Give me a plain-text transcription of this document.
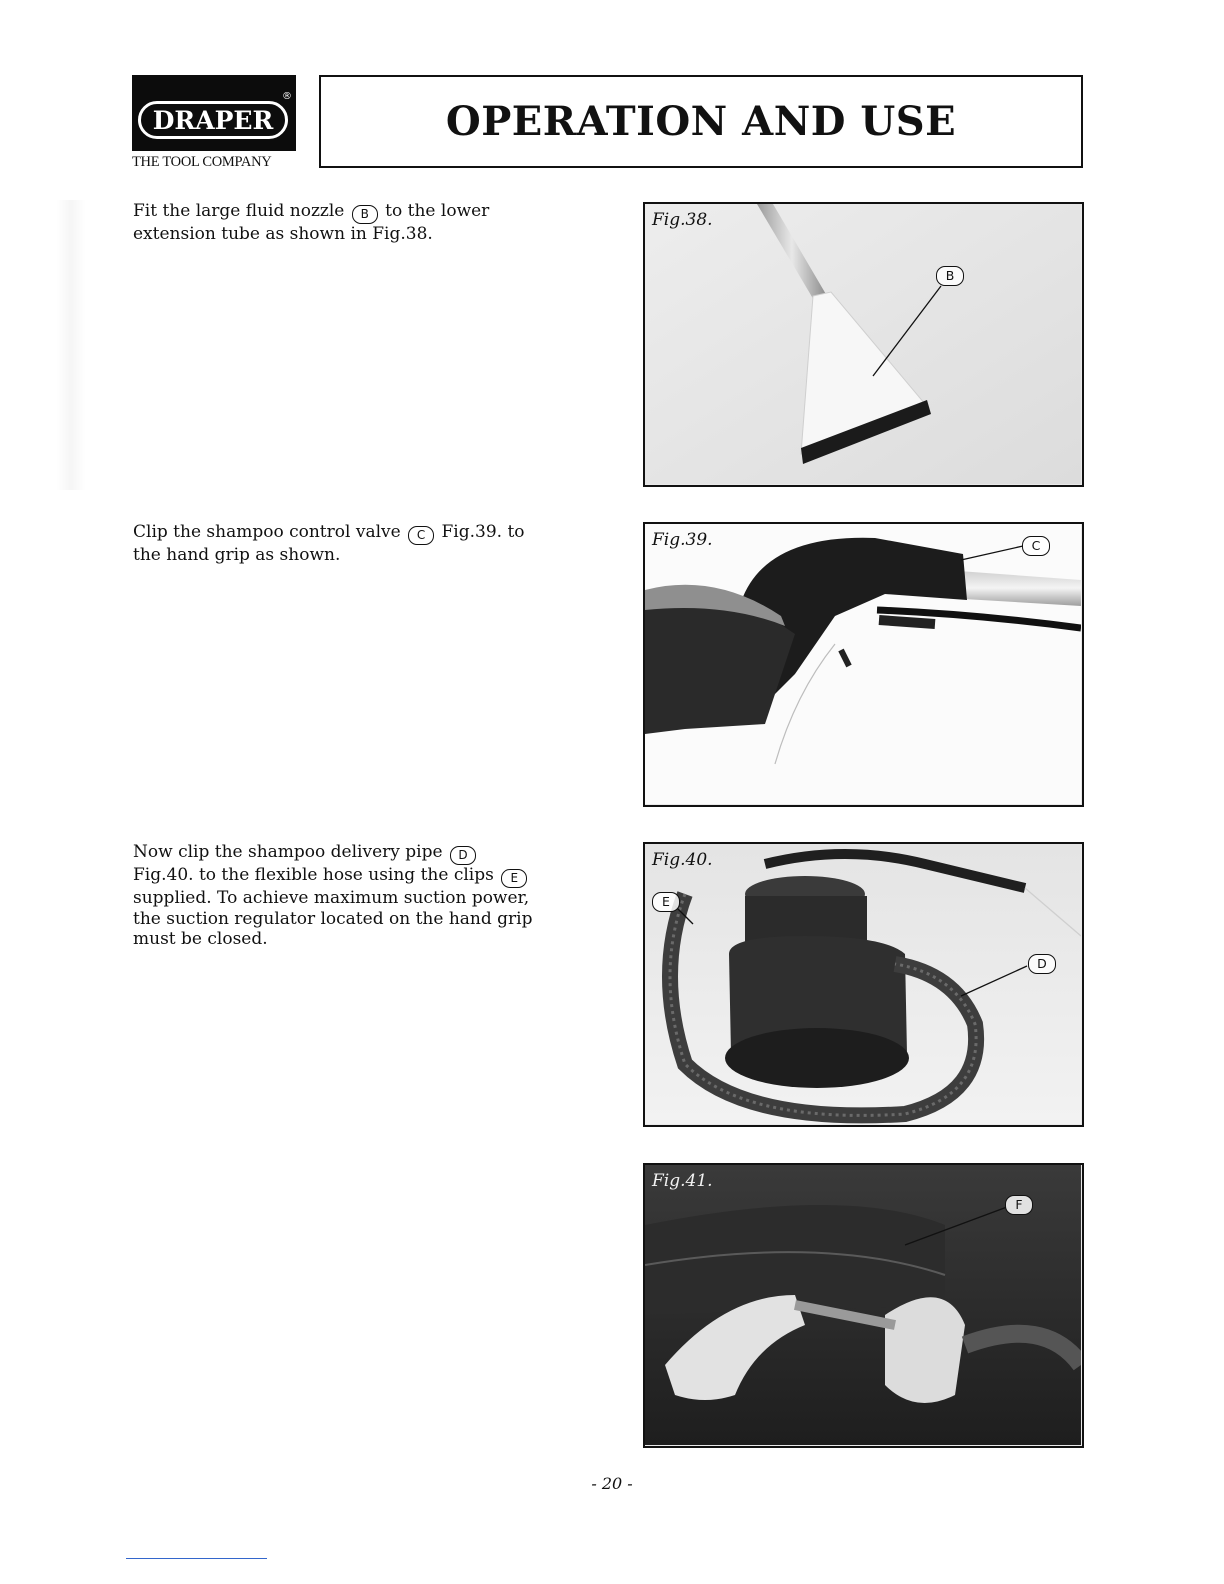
DRAPER
®
THE TOOL COMPANY
OPERATION AND USE
Fit the large fluid nozzle B to the lower
extension tube as shown in Fig.38.
Clip the shampoo control valve C Fig.39. to
the hand grip as shown.
Now clip the shampoo delivery pipe D
Fig.40. to the flexible hose using the clips E
supplied. To achieve maximum suction power,
the suction regulator located on the hand grip
must be closed.
Fig.38.
B
Fig.39.	C
Fig.40.
E
D
Fig.41.
F
- 20 -
